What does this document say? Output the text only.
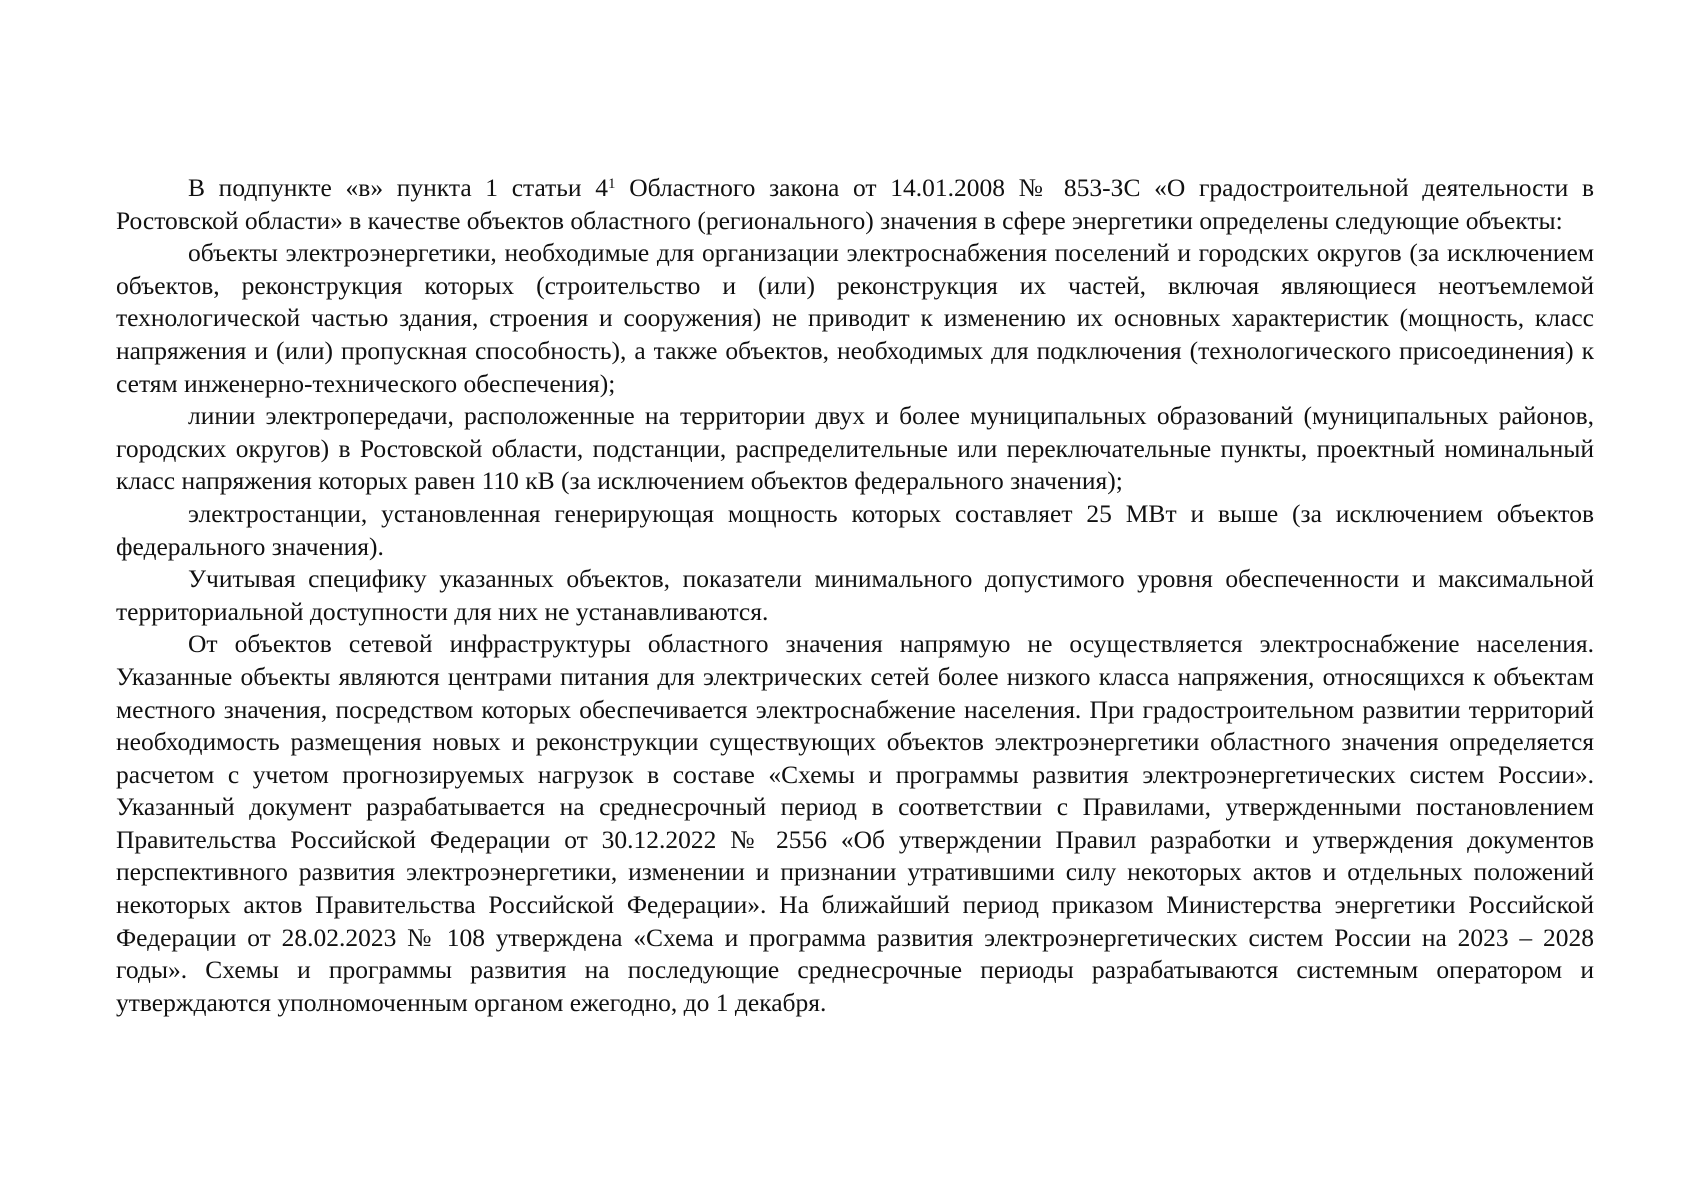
В подпункте «в» пункта 1 статьи $4^1$ Областного закона от 14.01.2008 № 853-ЗС «О градостроительной деятельности в Ростовской области» в качестве объектов областного (регионального) значения в сфере энергетики определены следующие объекты:

объекты электроэнергетики, необходимые для организации электроснабжения поселений и городских округов (за исключением объектов, реконструкция которых (строительство и (или) реконструкция их частей, включая являющиеся неотъемлемой технологической частью здания, строения и сооружения) не приводит к изменению их основных характеристик (мощность, класс напряжения и (или) пропускная способность), а также объектов, необходимых для подключения (технологического присоединения) к сетям инженерно-технического обеспечения);

линии электропередачи, расположенные на территории двух и более муниципальных образований (муниципальных районов, городских округов) в Ростовской области, подстанции, распределительные или переключательные пункты, проектный номинальный класс напряжения которых равен 110 кВ (за исключением объектов федерального значения);

электростанции, установленная генерирующая мощность которых составляет 25 МВт и выше (за исключением объектов федерального значения).

Учитывая специфику указанных объектов, показатели минимального допустимого уровня обеспеченности и максимальной территориальной доступности для них не устанавливаются.

От объектов сетевой инфраструктуры областного значения напрямую не осуществляется электроснабжение населения. Указанные объекты являются центрами питания для электрических сетей более низкого класса напряжения, относящихся к объектам местного значения, посредством которых обеспечивается электроснабжение населения. При градостроительном развитии территорий необходимость размещения новых и реконструкции существующих объектов электроэнергетики областного значения определяется расчетом с учетом прогнозируемых нагрузок в составе «Схемы и программы развития электроэнергетических систем России». Указанный документ разрабатывается на среднесрочный период в соответствии с Правилами, утвержденными постановлением Правительства Российской Федерации от 30.12.2022 № 2556 «Об утверждении Правил разработки и утверждения документов перспективного развития электроэнергетики, изменении и признании утратившими силу некоторых актов и отдельных положений некоторых актов Правительства Российской Федерации». На ближайший период приказом Министерства энергетики Российской Федерации от 28.02.2023 № 108 утверждена «Схема и программа развития электроэнергетических систем России на 2023 – 2028 годы». Схемы и программы развития на последующие среднесрочные периоды разрабатываются системным оператором и утверждаются уполномоченным органом ежегодно, до 1 декабря.
